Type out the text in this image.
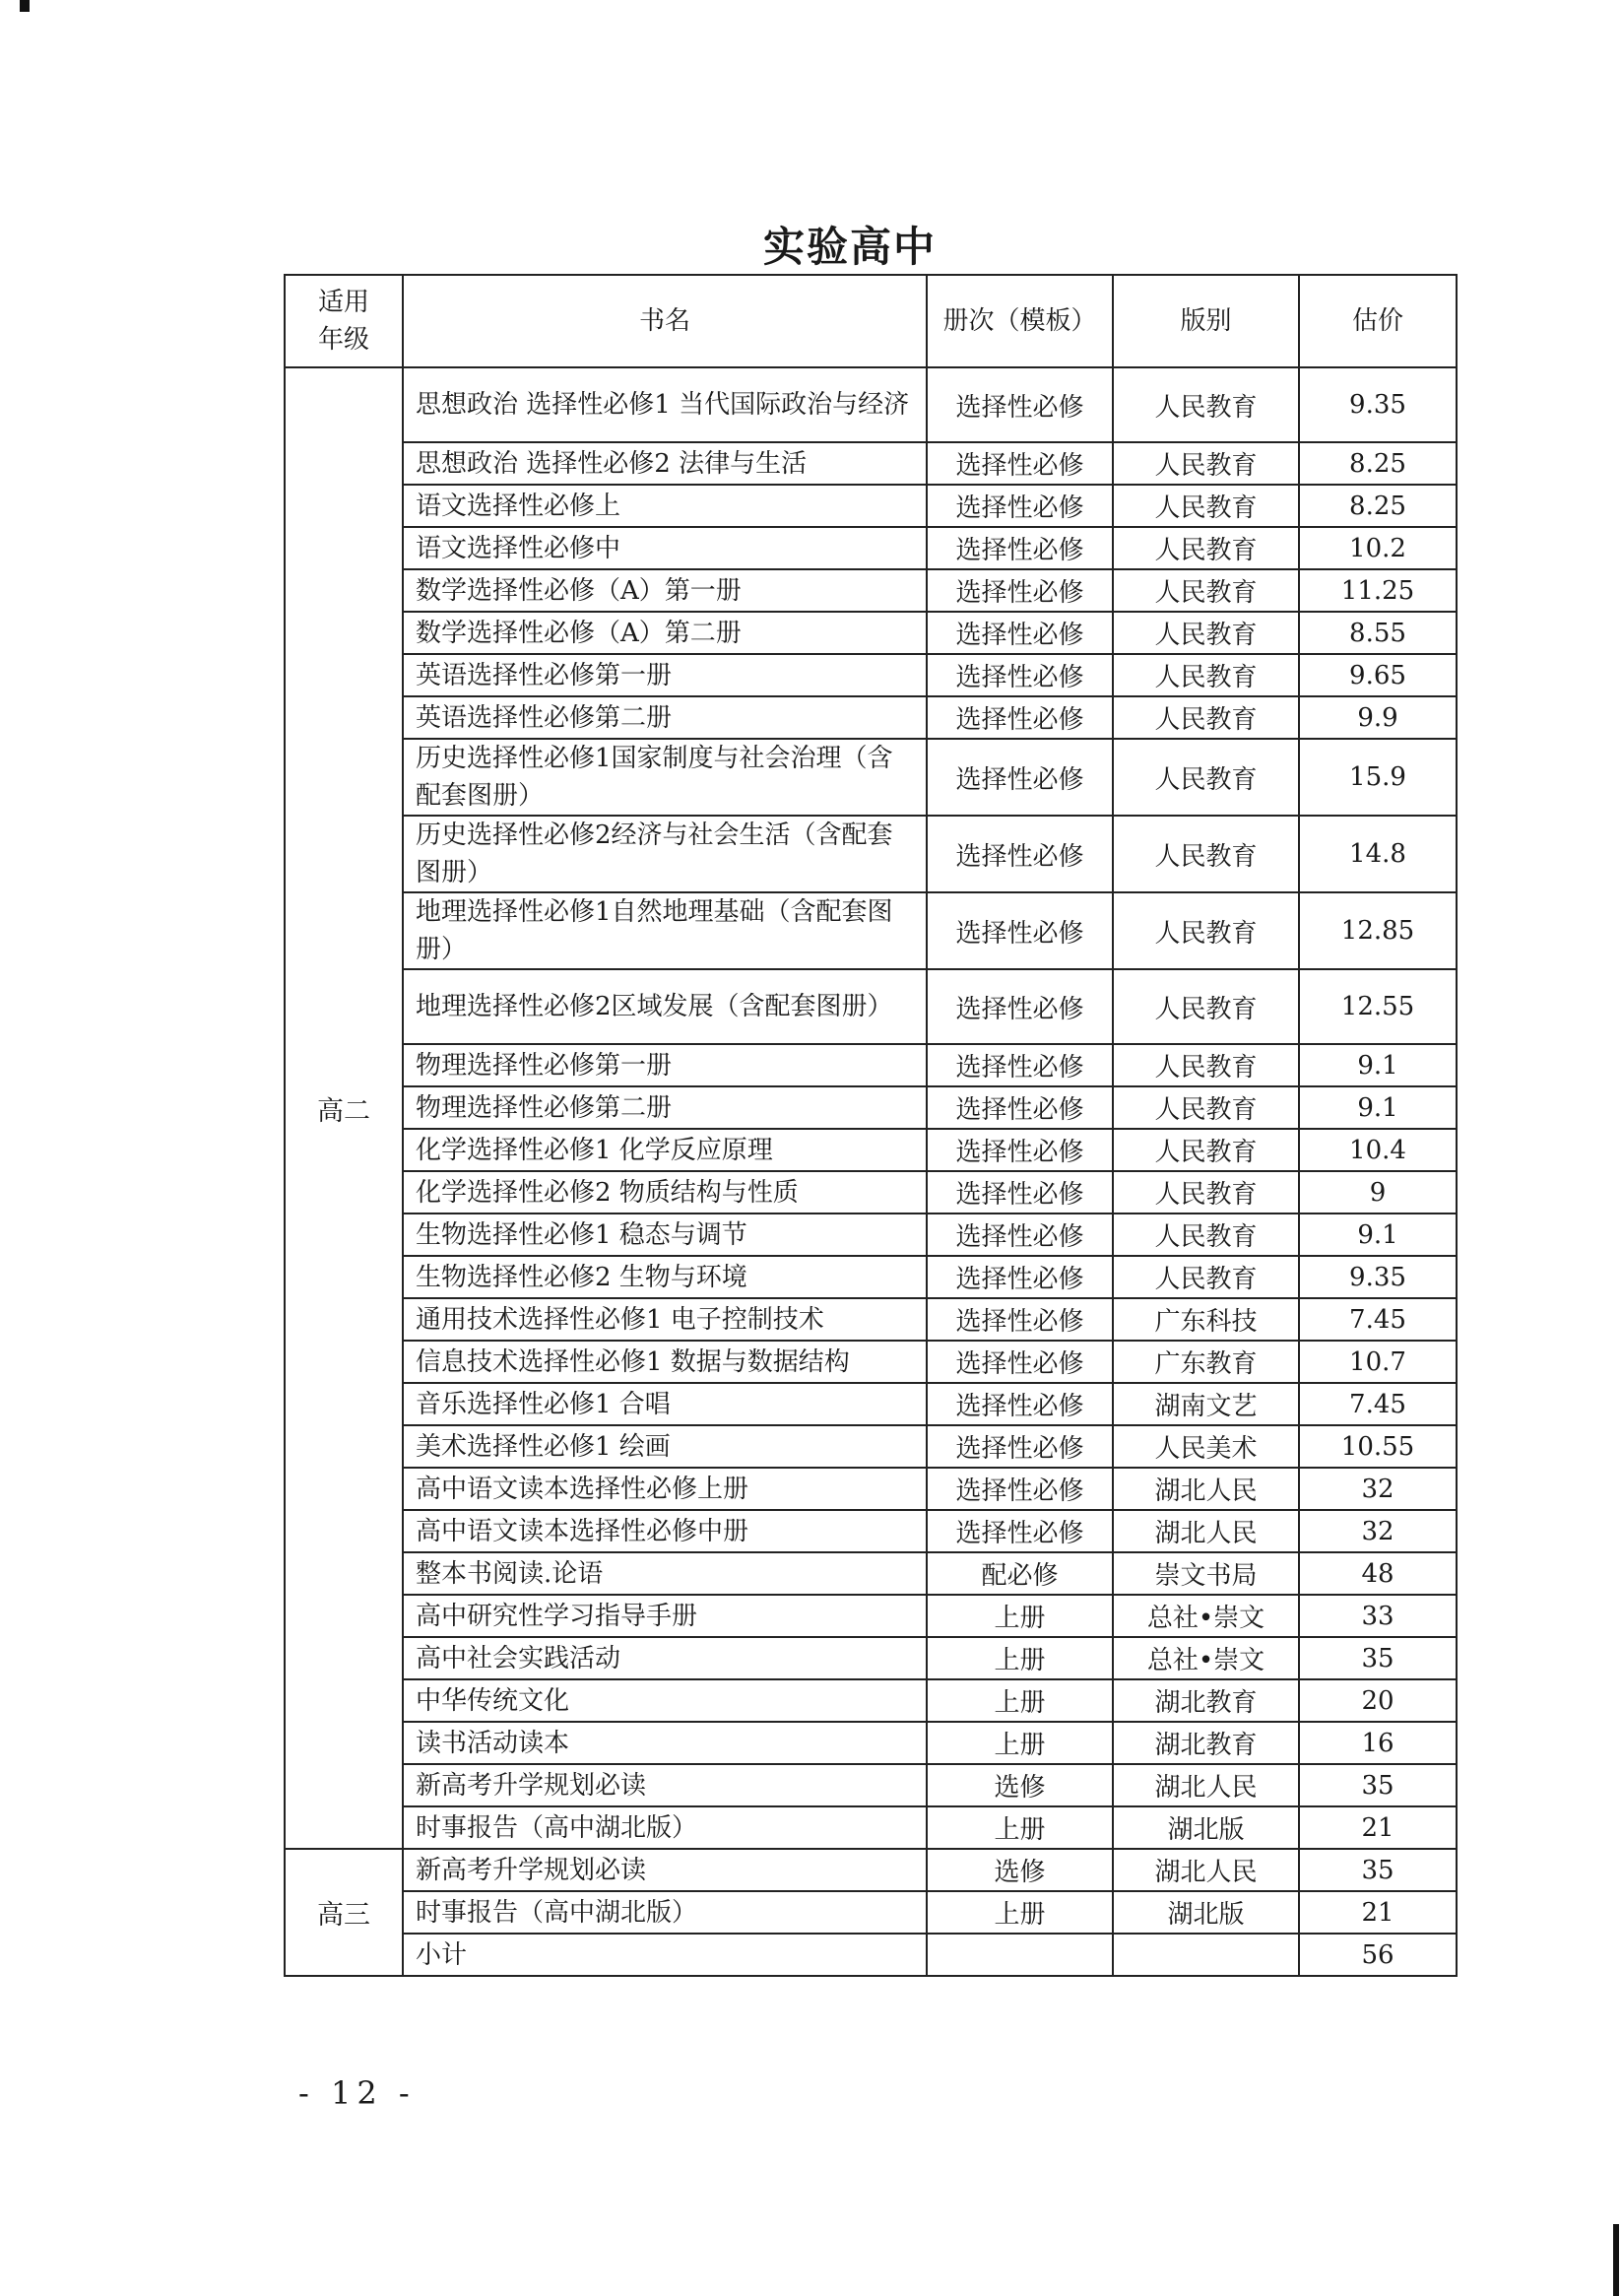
实验高中
适用年级	书名	册次（模板）	版别	估价
高二	思想政治 选择性必修1 当代国际政治与经济	选择性必修	人民教育	9.35
	思想政治 选择性必修2 法律与生活	选择性必修	人民教育	8.25
	语文选择性必修上	选择性必修	人民教育	8.25
	语文选择性必修中	选择性必修	人民教育	10.2
	数学选择性必修（A）第一册	选择性必修	人民教育	11.25
	数学选择性必修（A）第二册	选择性必修	人民教育	8.55
	英语选择性必修第一册	选择性必修	人民教育	9.65
	英语选择性必修第二册	选择性必修	人民教育	9.9
	历史选择性必修1国家制度与社会治理（含配套图册）	选择性必修	人民教育	15.9
	历史选择性必修2经济与社会生活（含配套图册）	选择性必修	人民教育	14.8
	地理选择性必修1自然地理基础（含配套图册）	选择性必修	人民教育	12.85
	地理选择性必修2区域发展（含配套图册）	选择性必修	人民教育	12.55
	物理选择性必修第一册	选择性必修	人民教育	9.1
	物理选择性必修第二册	选择性必修	人民教育	9.1
	化学选择性必修1 化学反应原理	选择性必修	人民教育	10.4
	化学选择性必修2 物质结构与性质	选择性必修	人民教育	9
	生物选择性必修1 稳态与调节	选择性必修	人民教育	9.1
	生物选择性必修2 生物与环境	选择性必修	人民教育	9.35
	通用技术选择性必修1 电子控制技术	选择性必修	广东科技	7.45
	信息技术选择性必修1 数据与数据结构	选择性必修	广东教育	10.7
	音乐选择性必修1 合唱	选择性必修	湖南文艺	7.45
	美术选择性必修1 绘画	选择性必修	人民美术	10.55
	高中语文读本选择性必修上册	选择性必修	湖北人民	32
	高中语文读本选择性必修中册	选择性必修	湖北人民	32
	整本书阅读.论语	配必修	崇文书局	48
	高中研究性学习指导手册	上册	总社•崇文	33
	高中社会实践活动	上册	总社•崇文	35
	中华传统文化	上册	湖北教育	20
	读书活动读本	上册	湖北教育	16
	新高考升学规划必读	选修	湖北人民	35
	时事报告（高中湖北版）	上册	湖北版	21
高三	新高考升学规划必读	选修	湖北人民	35
	时事报告（高中湖北版）	上册	湖北版	21
	小计			56
- 12 -
